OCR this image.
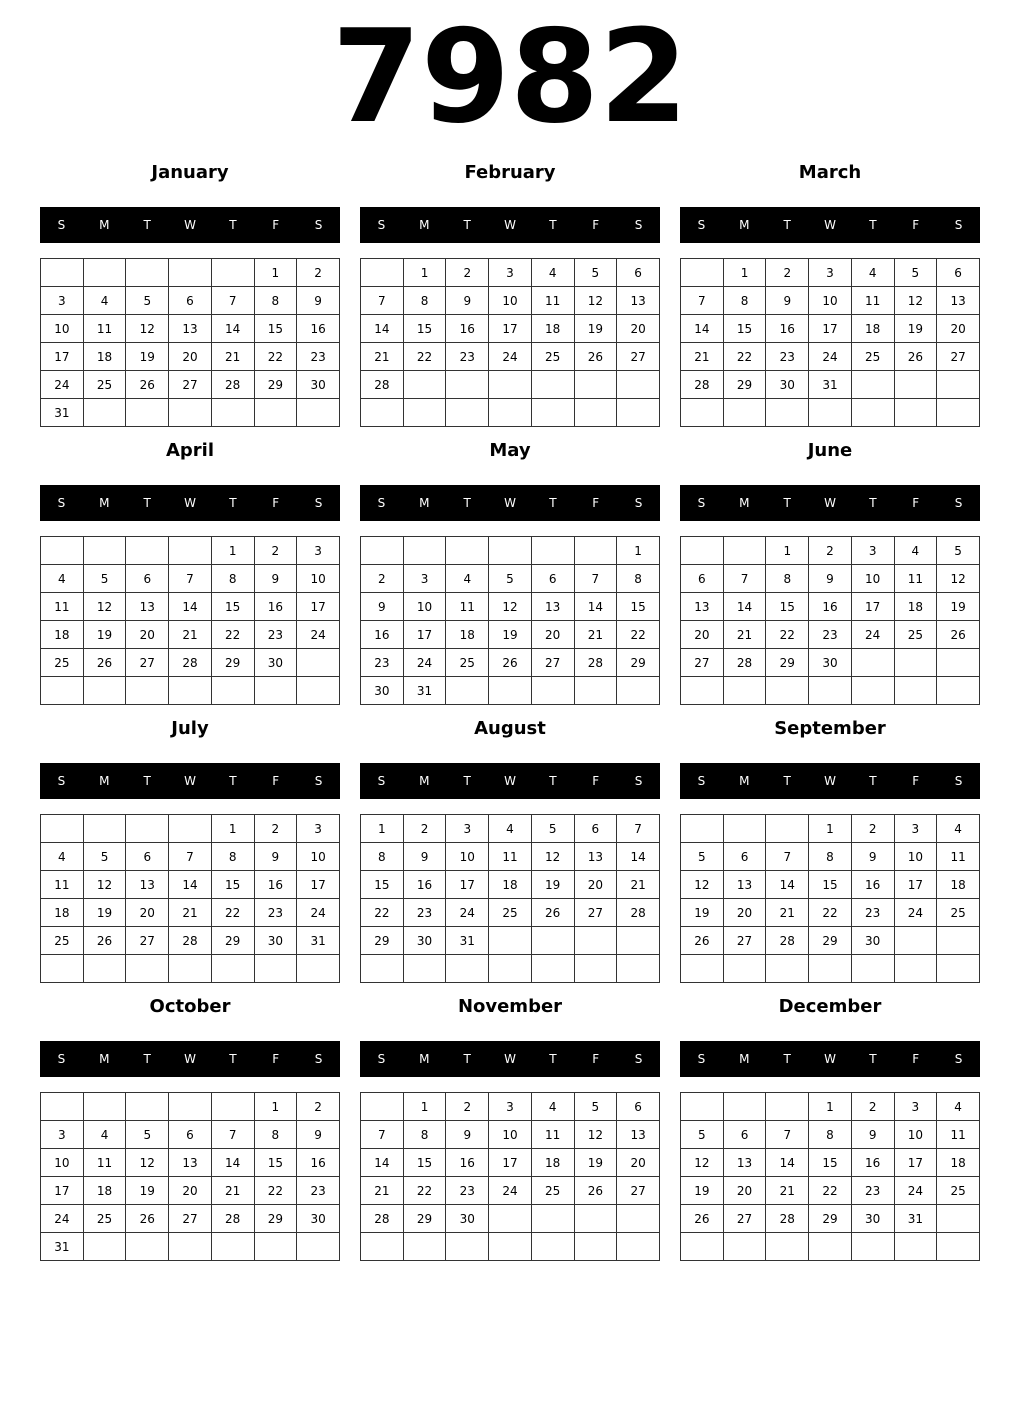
7982
January
S	M	T	W	T	F	S
					1	2
3	4	5	6	7	8	9
10	11	12	13	14	15	16
17	18	19	20	21	22	23
24	25	26	27	28	29	30
31						
February
S	M	T	W	T	F	S
	1	2	3	4	5	6
7	8	9	10	11	12	13
14	15	16	17	18	19	20
21	22	23	24	25	26	27
28						

March
S	M	T	W	T	F	S
	1	2	3	4	5	6
7	8	9	10	11	12	13
14	15	16	17	18	19	20
21	22	23	24	25	26	27
28	29	30	31			

April
S	M	T	W	T	F	S
				1	2	3
4	5	6	7	8	9	10
11	12	13	14	15	16	17
18	19	20	21	22	23	24
25	26	27	28	29	30	

May
S	M	T	W	T	F	S
						1
2	3	4	5	6	7	8
9	10	11	12	13	14	15
16	17	18	19	20	21	22
23	24	25	26	27	28	29
30	31					
June
S	M	T	W	T	F	S
		1	2	3	4	5
6	7	8	9	10	11	12
13	14	15	16	17	18	19
20	21	22	23	24	25	26
27	28	29	30			

July
S	M	T	W	T	F	S
				1	2	3
4	5	6	7	8	9	10
11	12	13	14	15	16	17
18	19	20	21	22	23	24
25	26	27	28	29	30	31

August
S	M	T	W	T	F	S
1	2	3	4	5	6	7
8	9	10	11	12	13	14
15	16	17	18	19	20	21
22	23	24	25	26	27	28
29	30	31				

September
S	M	T	W	T	F	S
			1	2	3	4
5	6	7	8	9	10	11
12	13	14	15	16	17	18
19	20	21	22	23	24	25
26	27	28	29	30		

October
S	M	T	W	T	F	S
					1	2
3	4	5	6	7	8	9
10	11	12	13	14	15	16
17	18	19	20	21	22	23
24	25	26	27	28	29	30
31						
November
S	M	T	W	T	F	S
	1	2	3	4	5	6
7	8	9	10	11	12	13
14	15	16	17	18	19	20
21	22	23	24	25	26	27
28	29	30				

December
S	M	T	W	T	F	S
			1	2	3	4
5	6	7	8	9	10	11
12	13	14	15	16	17	18
19	20	21	22	23	24	25
26	27	28	29	30	31	
